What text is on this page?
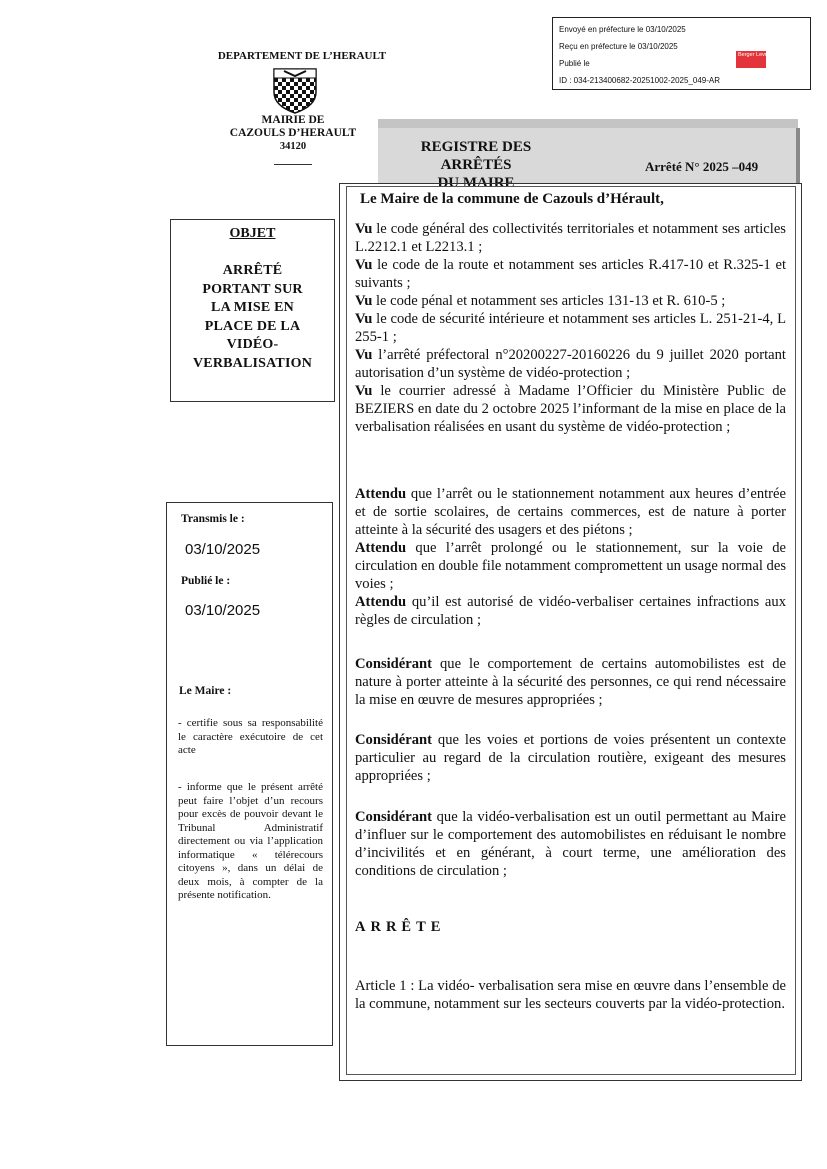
Envoyé en préfecture le 03/10/2025
Reçu en préfecture le 03/10/2025
Publié le
ID : 034-213400682-20251002-2025_049-AR
Berger Levrault
DEPARTEMENT DE L’HERAULT
MAIRIE DE
CAZOULS D’HERAULT
34120	REGISTRE DES ARRÊTÉS
DU MAIRE
Arrêté N° 2025 –049
OBJET
ARRÊTÉ
PORTANT SUR
LA MISE EN
PLACE DE LA
VIDÉO-
VERBALISATION
Transmis le :
03/10/2025
Publié le :
03/10/2025
Le Maire :
- certifie sous sa responsabilité le caractère exécutoire de cet acte
- informe que le présent arrêté peut faire l’objet d’un recours pour excès de pouvoir devant le Tribunal Administratif directement ou via l’application informatique « télérecours citoyens », dans un délai de deux mois, à compter de la présente notification.
Le Maire de la commune de Cazouls d’Hérault,

Vu le code général des collectivités territoriales et notamment ses articles L.2212.1 et L2213.1 ;

Vu le code de la route et notamment ses articles R.417-10 et R.325-1 et suivants ;

Vu le code pénal et notamment ses articles 131-13 et R. 610-5 ;

Vu le code de sécurité intérieure et notamment ses articles L. 251-21-4, L 255-1 ;

Vu l’arrêté préfectoral n°20200227-20160226 du 9 juillet 2020 portant autorisation d’un système de vidéo-protection ;

Vu le courrier adressé à Madame l’Officier du Ministère Public de BEZIERS en date du 2 octobre 2025 l’informant de la mise en place de la verbalisation réalisées en usant du système de vidéo-protection ;

Attendu que l’arrêt ou le stationnement notamment aux heures d’entrée et de sortie scolaires, de certains commerces, est de nature à porter atteinte à la sécurité des usagers et des piétons ;

Attendu que l’arrêt prolongé ou le stationnement, sur la voie de circulation en double file notamment compromettent un usage normal des voies ;

Attendu qu’il est autorisé de vidéo-verbaliser certaines infractions aux règles de circulation ;

Considérant que le comportement de certains automobilistes est de nature à porter atteinte à la sécurité des personnes, ce qui rend nécessaire la mise en œuvre de mesures appropriées ;
Considérant que les voies et portions de voies présentent un contexte particulier au regard de la circulation routière, exigeant des mesures appropriées ;
Considérant que la vidéo-verbalisation est un outil permettant au Maire d’influer sur le comportement des automobilistes en réduisant le nombre d’incivilités et en générant, à court terme, une amélioration des conditions de circulation ;
ARRÊTE
Article 1 : La vidéo- verbalisation sera mise en œuvre dans l’ensemble de la commune, notamment sur les secteurs couverts par la vidéo-protection.
